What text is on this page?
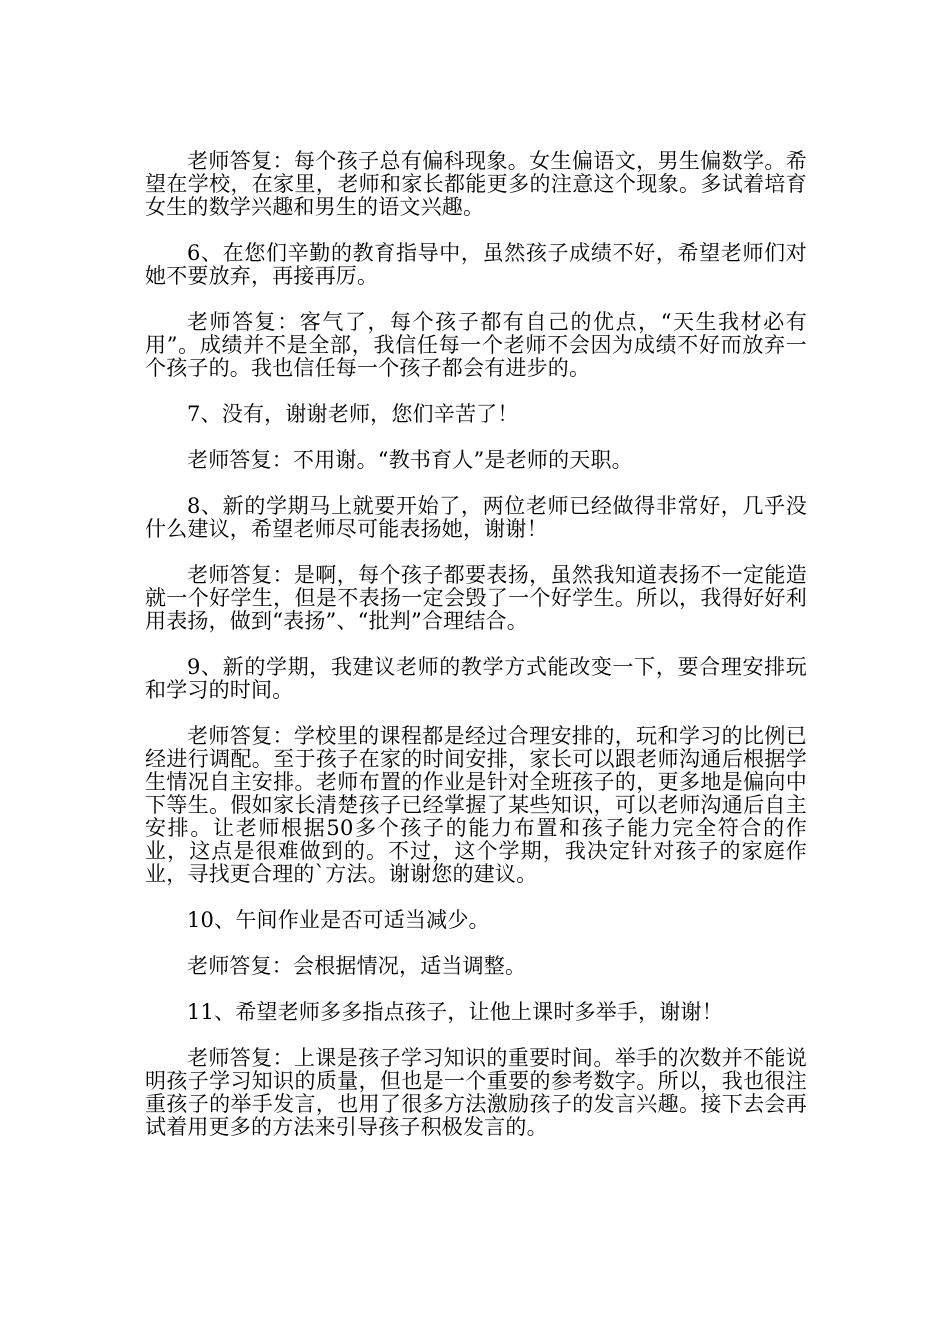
老师答复：每个孩子总有偏科现象。女生偏语文，男生偏数学。希望在学校，在家里，老师和家长都能更多的注意这个现象。多试着培育女生的数学兴趣和男生的语文兴趣。

6、在您们辛勤的教育指导中，虽然孩子成绩不好，希望老师们对她不要放弃，再接再厉。

老师答复：客气了，每个孩子都有自己的优点，“天生我材必有用”。成绩并不是全部，我信任每一个老师不会因为成绩不好而放弃一个孩子的。我也信任每一个孩子都会有进步的。

7、没有，谢谢老师，您们辛苦了！

老师答复：不用谢。“教书育人”是老师的天职。

8、新的学期马上就要开始了，两位老师已经做得非常好，几乎没什么建议，希望老师尽可能表扬她，谢谢！

老师答复：是啊，每个孩子都要表扬，虽然我知道表扬不一定能造就一个好学生，但是不表扬一定会毁了一个好学生。所以，我得好好利用表扬，做到“表扬”、“批判”合理结合。

9、新的学期，我建议老师的教学方式能改变一下，要合理安排玩和学习的时间。

老师答复：学校里的课程都是经过合理安排的，玩和学习的比例已经进行调配。至于孩子在家的时间安排，家长可以跟老师沟通后根据学生情况自主安排。老师布置的作业是针对全班孩子的，更多地是偏向中下等生。假如家长清楚孩子已经掌握了某些知识，可以老师沟通后自主安排。让老师根据50多个孩子的能力布置和孩子能力完全符合的作业，这点是很难做到的。不过，这个学期，我决定针对孩子的家庭作业，寻找更合理的`方法。谢谢您的建议。

10、午间作业是否可适当减少。

老师答复：会根据情况，适当调整。

11、希望老师多多指点孩子，让他上课时多举手，谢谢！

老师答复：上课是孩子学习知识的重要时间。举手的次数并不能说明孩子学习知识的质量，但也是一个重要的参考数字。所以，我也很注重孩子的举手发言，也用了很多方法激励孩子的发言兴趣。接下去会再试着用更多的方法来引导孩子积极发言的。
